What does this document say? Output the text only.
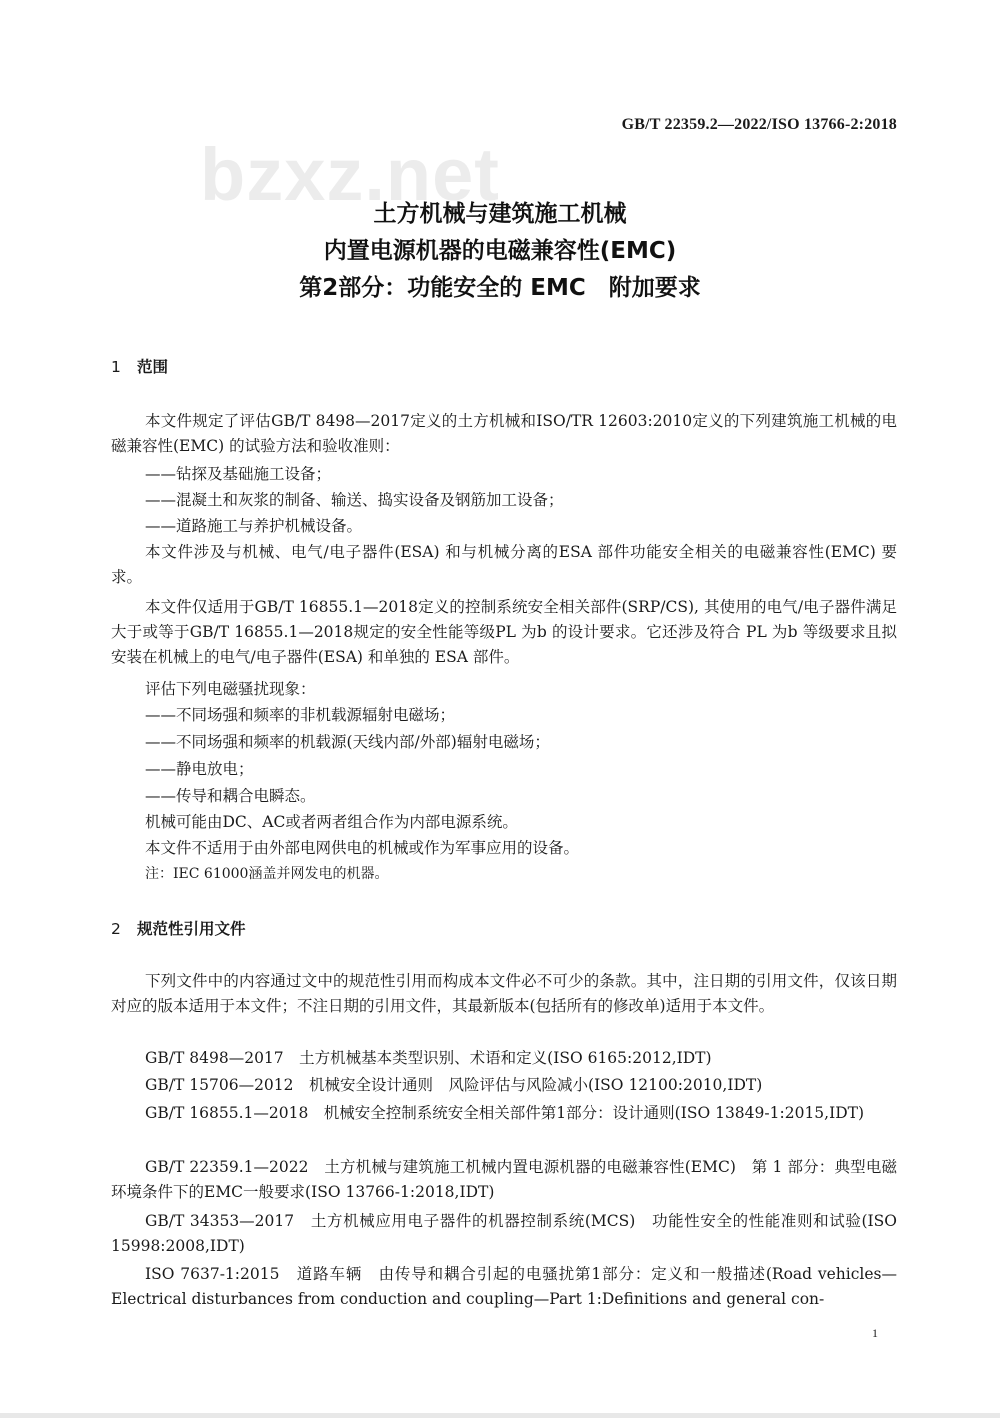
bzxz.net
GB/T 22359.2—2022/ISO 13766-2:2018
土方机械与建筑施工机械
内置电源机器的电磁兼容性(EMC)
第2部分：功能安全的 EMC　附加要求
1 范围
本文件规定了评估GB/T 8498—2017定义的土方机械和ISO/TR 12603:2010定义的下列建筑施工机械的电磁兼容性(EMC) 的试验方法和验收准则：
——钻探及基础施工设备；
——混凝土和灰浆的制备、输送、捣实设备及钢筋加工设备；
——道路施工与养护机械设备。
本文件涉及与机械、电气/电子器件(ESA) 和与机械分离的ESA 部件功能安全相关的电磁兼容性(EMC) 要求。
本文件仅适用于GB/T 16855.1—2018定义的控制系统安全相关部件(SRP/CS), 其使用的电气/电子器件满足大于或等于GB/T 16855.1—2018规定的安全性能等级PL 为b 的设计要求。它还涉及符合 PL 为b 等级要求且拟安装在机械上的电气/电子器件(ESA) 和单独的 ESA 部件。
评估下列电磁骚扰现象：
——不同场强和频率的非机载源辐射电磁场；
——不同场强和频率的机载源(天线内部/外部)辐射电磁场；
——静电放电；
——传导和耦合电瞬态。
机械可能由DC、AC或者两者组合作为内部电源系统。
本文件不适用于由外部电网供电的机械或作为军事应用的设备。
注：IEC 61000涵盖并网发电的机器。
2 规范性引用文件
下列文件中的内容通过文中的规范性引用而构成本文件必不可少的条款。其中，注日期的引用文件，仅该日期对应的版本适用于本文件；不注日期的引用文件，其最新版本(包括所有的修改单)适用于本文件。
GB/T 8498—2017　土方机械基本类型识别、术语和定义(ISO 6165:2012,IDT)
GB/T 15706—2012　机械安全设计通则　风险评估与风险减小(ISO 12100:2010,IDT)
GB/T 16855.1—2018　机械安全控制系统安全相关部件第1部分：设计通则(ISO 13849-1:2015,IDT)
GB/T 22359.1—2022　土方机械与建筑施工机械内置电源机器的电磁兼容性(EMC)　第 1 部分：典型电磁环境条件下的EMC一般要求(ISO 13766-1:2018,IDT)
GB/T 34353—2017　土方机械应用电子器件的机器控制系统(MCS)　功能性安全的性能准则和试验(ISO 15998:2008,IDT)
ISO 7637-1:2015　道路车辆　由传导和耦合引起的电骚扰第1部分：定义和一般描述(Road vehicles—Electrical disturbances from conduction and coupling—Part 1:Definitions and general con-
1
